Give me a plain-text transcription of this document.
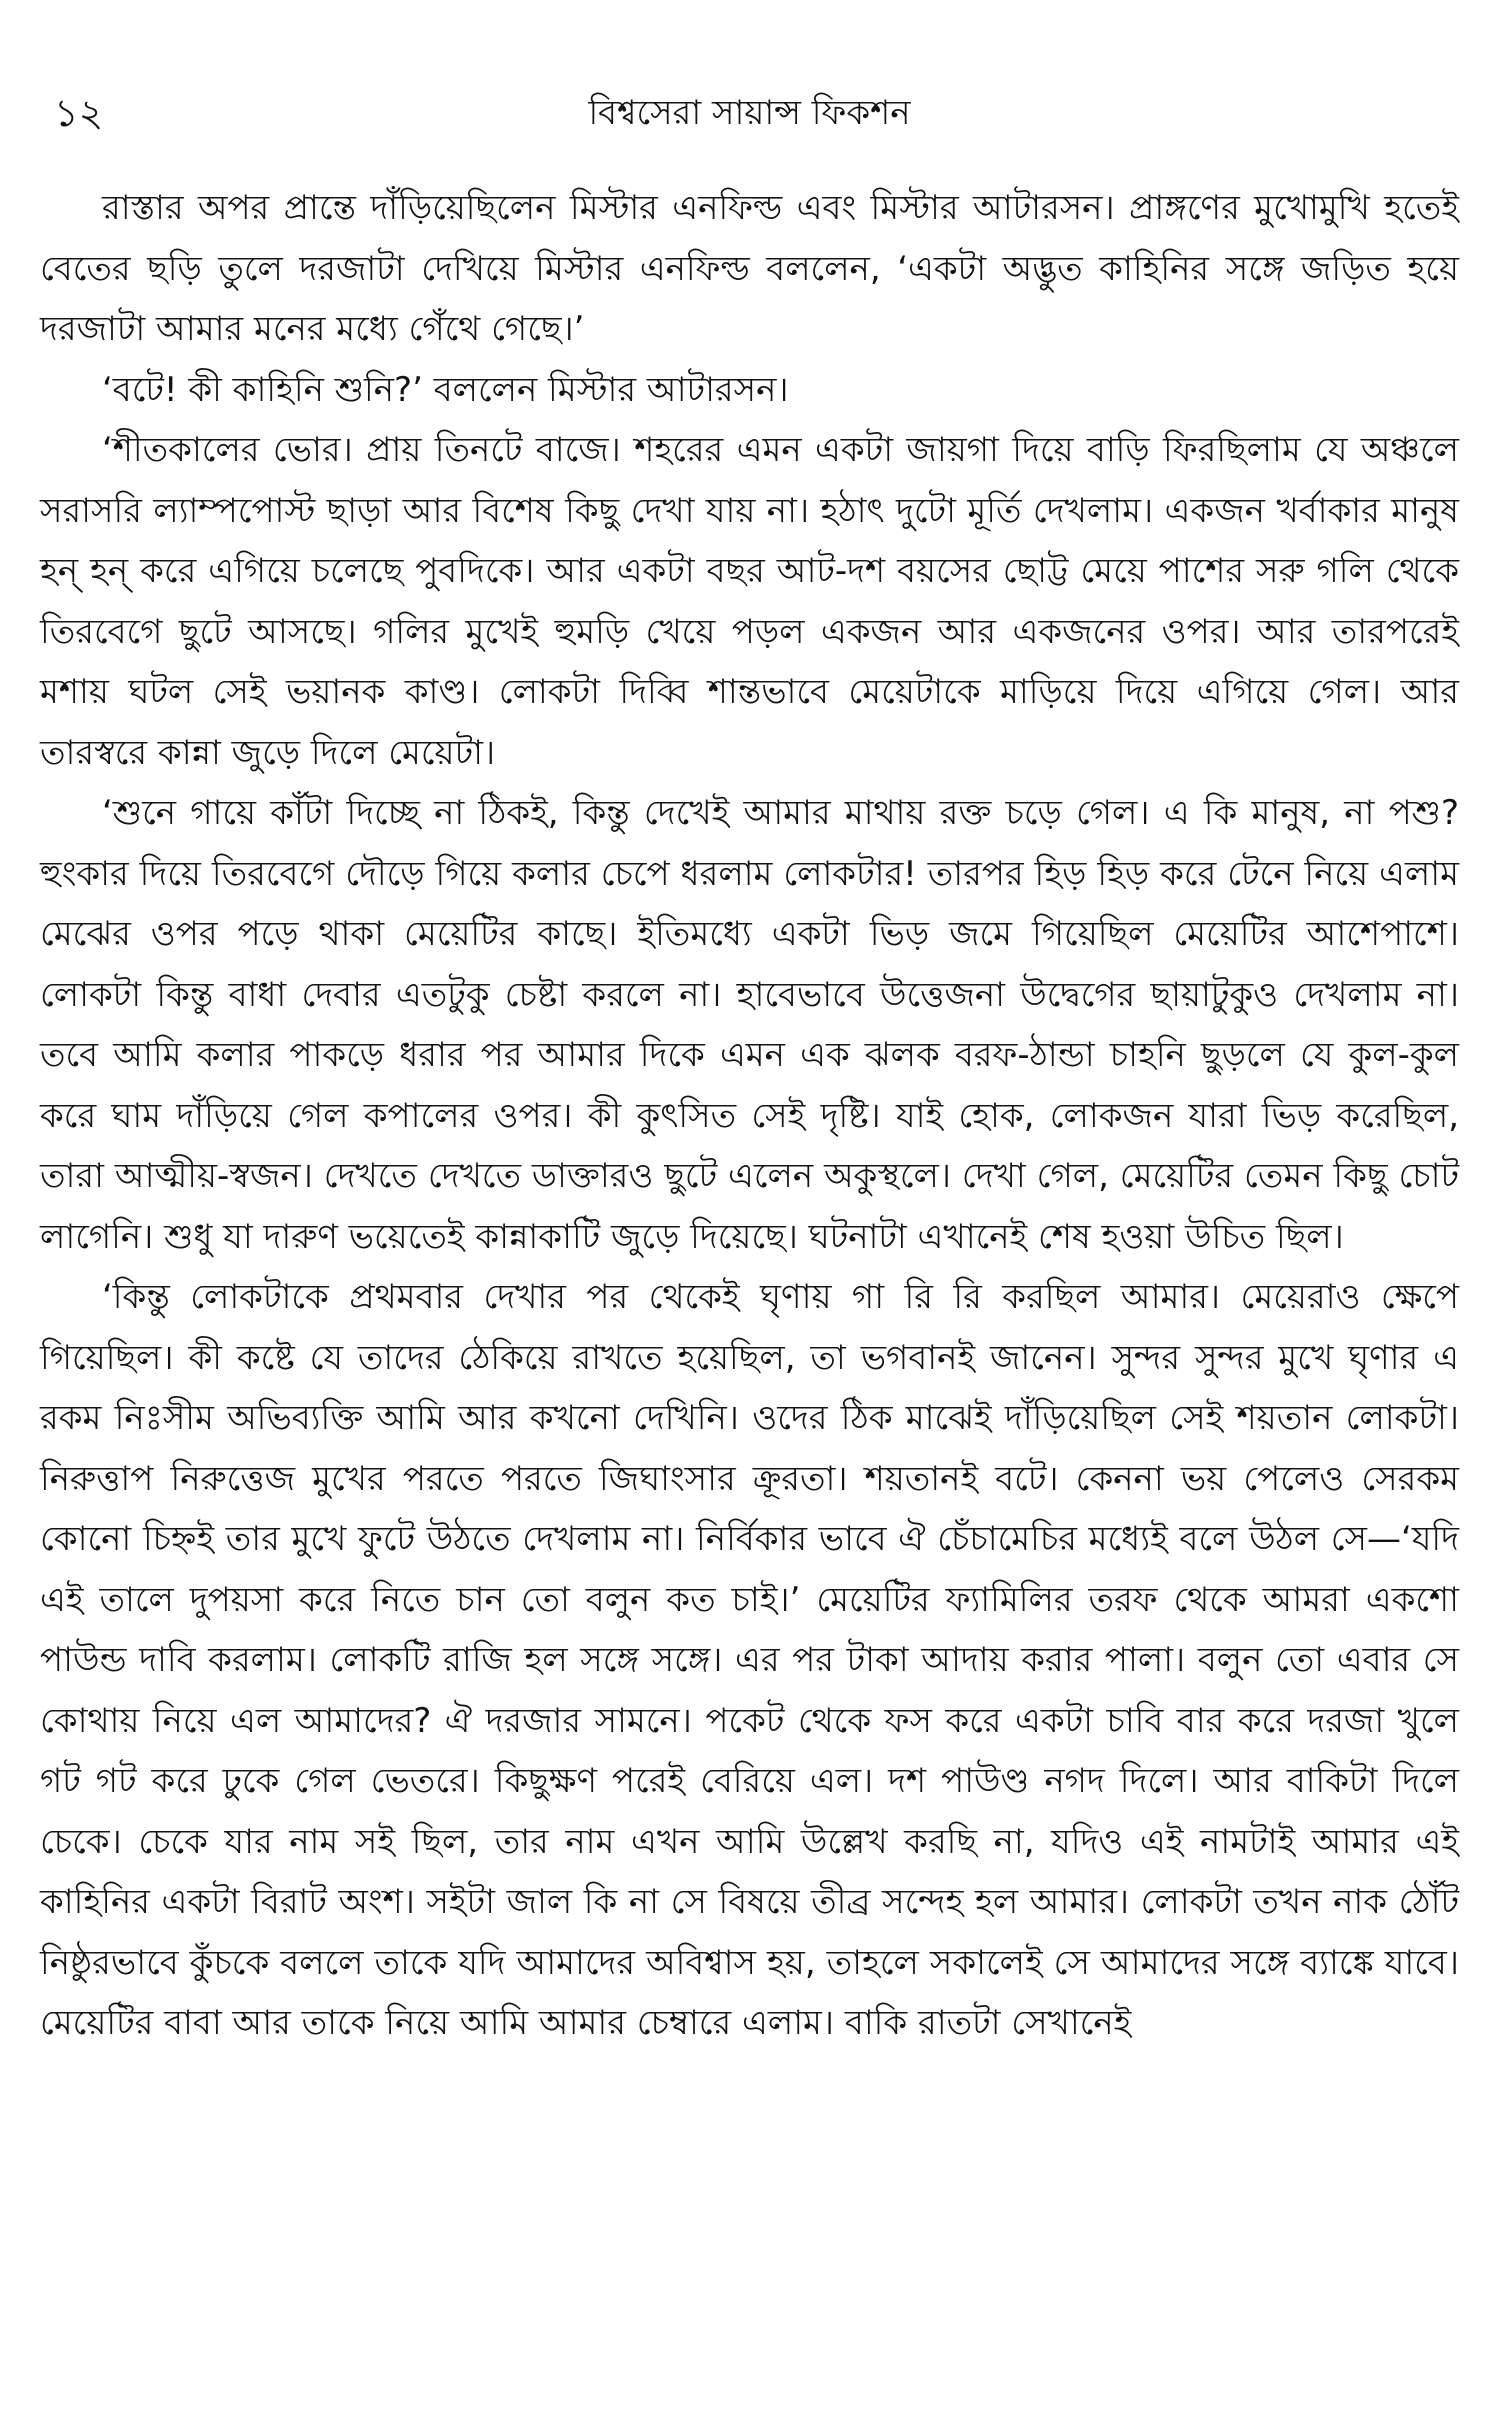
১২	বিশ্বসেরা সায়ান্স ফিকশন

রাস্তার অপর প্রান্তে দাঁড়িয়েছিলেন মিস্টার এনফিল্ড এবং মিস্টার আটারসন। প্রাঙ্গণের মুখোমুখি হতেই বেতের ছড়ি তুলে দরজাটা দেখিয়ে মিস্টার এনফিল্ড বললেন, ‘একটা অদ্ভুত কাহিনির সঙ্গে জড়িত হয়ে দরজাটা আমার মনের মধ্যে গেঁথে গেছে।’

‘বটে! কী কাহিনি শুনি?’ বললেন মিস্টার আটারসন।

‘শীতকালের ভোর। প্রায় তিনটে বাজে। শহরের এমন একটা জায়গা দিয়ে বাড়ি ফিরছিলাম যে অঞ্চলে সরাসরি ল্যাম্পপোস্ট ছাড়া আর বিশেষ কিছু দেখা যায় না। হঠাৎ দুটো মূর্তি দেখলাম। একজন খর্বাকার মানুষ হন্ হন্ করে এগিয়ে চলেছে পুবদিকে। আর একটা বছর আট-দশ বয়সের ছোট্ট মেয়ে পাশের সরু গলি থেকে তিরবেগে ছুটে আসছে। গলির মুখেই হুমড়ি খেয়ে পড়ল একজন আর একজনের ওপর। আর তারপরেই মশায় ঘটল সেই ভয়ানক কাণ্ড। লোকটা দিব্বি শান্তভাবে মেয়েটাকে মাড়িয়ে দিয়ে এগিয়ে গেল। আর তারস্বরে কান্না জুড়ে দিলে মেয়েটা।

‘শুনে গায়ে কাঁটা দিচ্ছে না ঠিকই, কিন্তু দেখেই আমার মাথায় রক্ত চড়ে গেল। এ কি মানুষ, না পশু? হুংকার দিয়ে তিরবেগে দৌড়ে গিয়ে কলার চেপে ধরলাম লোকটার! তারপর হিড় হিড় করে টেনে নিয়ে এলাম মেঝের ওপর পড়ে থাকা মেয়েটির কাছে। ইতিমধ্যে একটা ভিড় জমে গিয়েছিল মেয়েটির আশেপাশে। লোকটা কিন্তু বাধা দেবার এতটুকু চেষ্টা করলে না। হাবেভাবে উত্তেজনা উদ্বেগের ছায়াটুকুও দেখলাম না। তবে আমি কলার পাকড়ে ধরার পর আমার দিকে এমন এক ঝলক বরফ-ঠান্ডা চাহনি ছুড়লে যে কুল-কুল করে ঘাম দাঁড়িয়ে গেল কপালের ওপর। কী কুৎসিত সেই দৃষ্টি। যাই হোক, লোকজন যারা ভিড় করেছিল, তারা আত্মীয়-স্বজন। দেখতে দেখতে ডাক্তারও ছুটে এলেন অকুস্থলে। দেখা গেল, মেয়েটির তেমন কিছু চোট লাগেনি। শুধু যা দারুণ ভয়েতেই কান্নাকাটি জুড়ে দিয়েছে। ঘটনাটা এখানেই শেষ হওয়া উচিত ছিল।

‘কিন্তু লোকটাকে প্রথমবার দেখার পর থেকেই ঘৃণায় গা রি রি করছিল আমার। মেয়েরাও ক্ষেপে গিয়েছিল। কী কষ্টে যে তাদের ঠেকিয়ে রাখতে হয়েছিল, তা ভগবানই জানেন। সুন্দর সুন্দর মুখে ঘৃণার এ রকম নিঃসীম অভিব্যক্তি আমি আর কখনো দেখিনি। ওদের ঠিক মাঝেই দাঁড়িয়েছিল সেই শয়তান লোকটা। নিরুত্তাপ নিরুত্তেজ মুখের পরতে পরতে জিঘাংসার ক্রূরতা। শয়তানই বটে। কেননা ভয় পেলেও সেরকম কোনো চিহ্নই তার মুখে ফুটে উঠতে দেখলাম না। নির্বিকার ভাবে ঐ চেঁচামেচির মধ্যেই বলে উঠল সে—‘যদি এই তালে দুপয়সা করে নিতে চান তো বলুন কত চাই।’ মেয়েটির ফ্যামিলির তরফ থেকে আমরা একশো পাউন্ড দাবি করলাম। লোকটি রাজি হল সঙ্গে সঙ্গে। এর পর টাকা আদায় করার পালা। বলুন তো এবার সে কোথায় নিয়ে এল আমাদের? ঐ দরজার সামনে। পকেট থেকে ফস করে একটা চাবি বার করে দরজা খুলে গট গট করে ঢুকে গেল ভেতরে। কিছুক্ষণ পরেই বেরিয়ে এল। দশ পাউণ্ড নগদ দিলে। আর বাকিটা দিলে চেকে। চেকে যার নাম সই ছিল, তার নাম এখন আমি উল্লেখ করছি না, যদিও এই নামটাই আমার এই কাহিনির একটা বিরাট অংশ। সইটা জাল কি না সে বিষয়ে তীব্র সন্দেহ হল আমার। লোকটা তখন নাক ঠোঁট নিষ্ঠুরভাবে কুঁচকে বললে তাকে যদি আমাদের অবিশ্বাস হয়, তাহলে সকালেই সে আমাদের সঙ্গে ব্যাঙ্কে যাবে। মেয়েটির বাবা আর তাকে নিয়ে আমি আমার চেম্বারে এলাম। বাকি রাতটা সেখানেই
